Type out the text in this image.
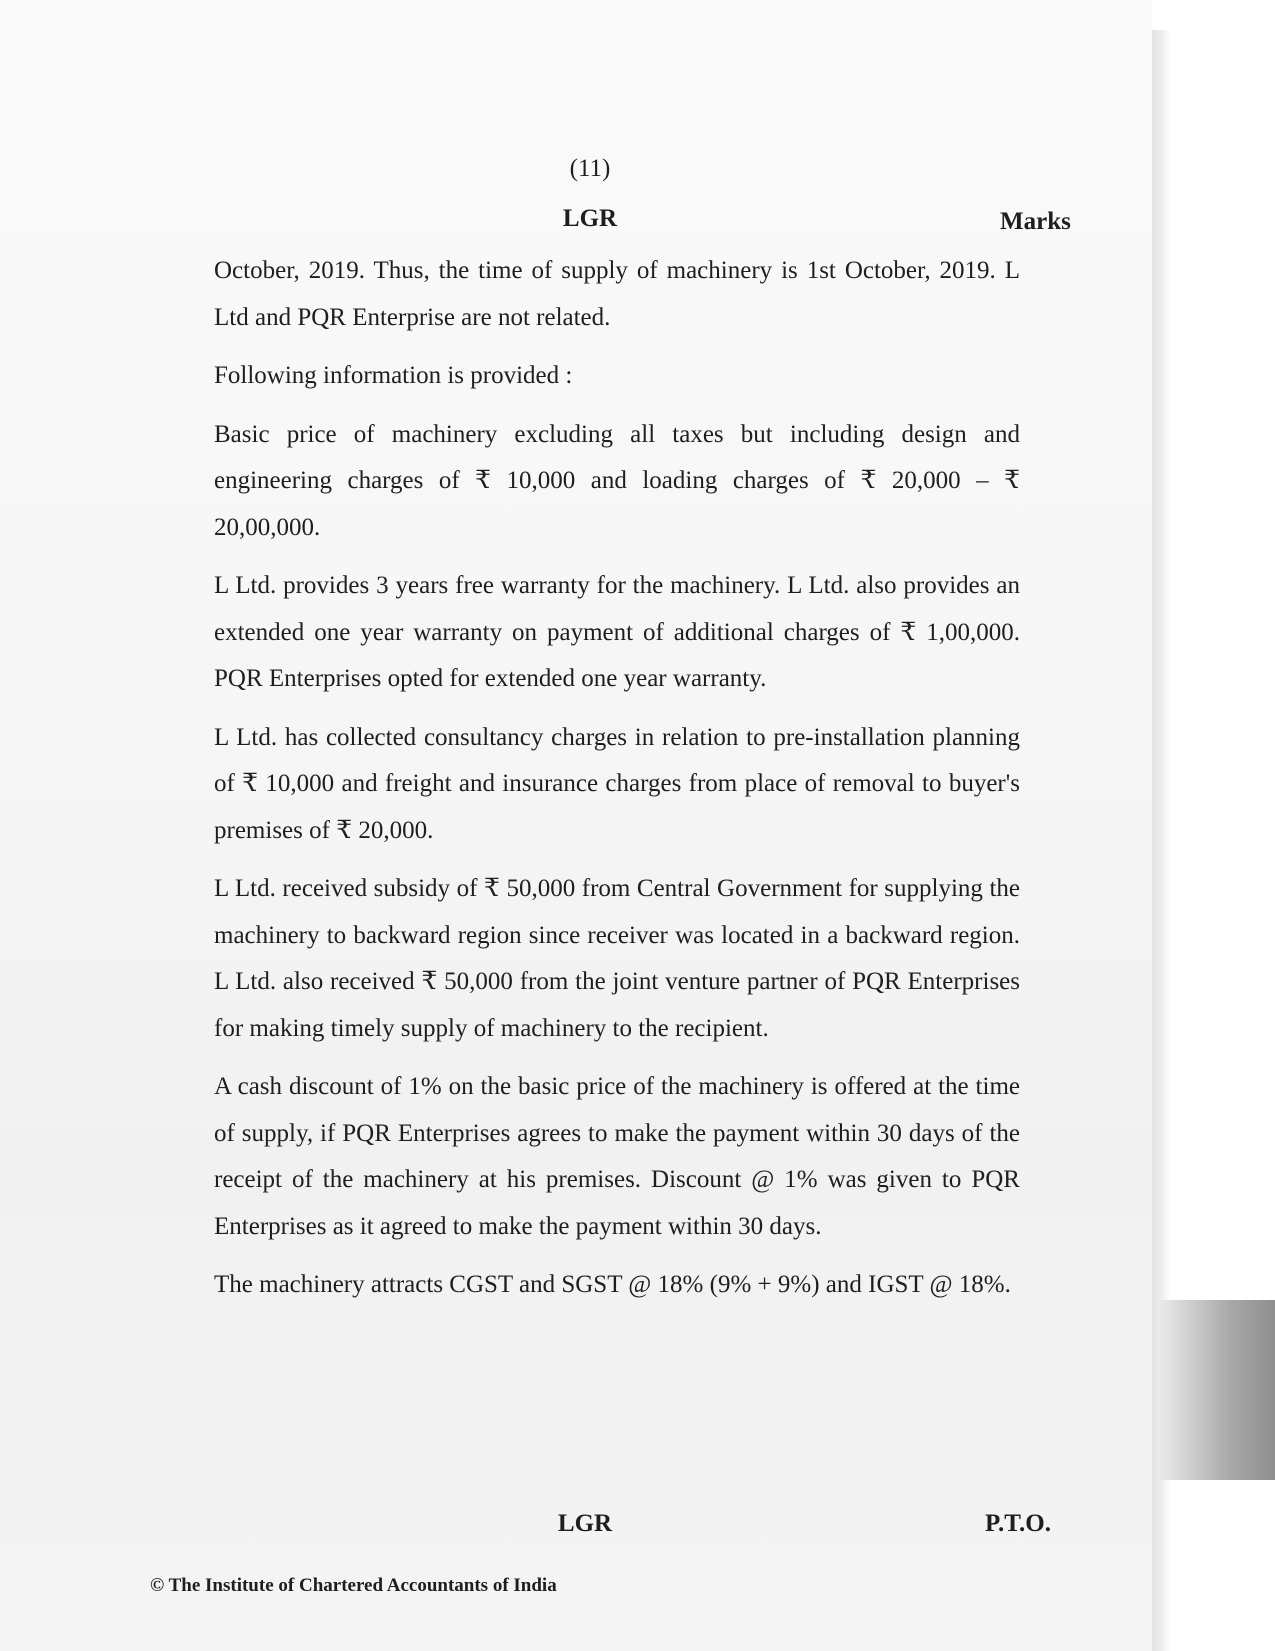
(11)
LGR	Marks

October, 2019. Thus, the time of supply of machinery is 1st October, 2019. L Ltd and PQR Enterprise are not related.

Following information is provided :

Basic price of machinery excluding all taxes but including design and engineering charges of ₹ 10,000 and loading charges of ₹ 20,000 – ₹ 20,00,000.

L Ltd. provides 3 years free warranty for the machinery. L Ltd. also provides an extended one year warranty on payment of additional charges of ₹ 1,00,000. PQR Enterprises opted for extended one year warranty.

L Ltd. has collected consultancy charges in relation to pre-installation planning of ₹ 10,000 and freight and insurance charges from place of removal to buyer's premises of ₹ 20,000.

L Ltd. received subsidy of ₹ 50,000 from Central Government for supplying the machinery to backward region since receiver was located in a backward region. L Ltd. also received ₹ 50,000 from the joint venture partner of PQR Enterprises for making timely supply of machinery to the recipient.

A cash discount of 1% on the basic price of the machinery is offered at the time of supply, if PQR Enterprises agrees to make the payment within 30 days of the receipt of the machinery at his premises. Discount @ 1% was given to PQR Enterprises as it agreed to make the payment within 30 days.

The machinery attracts CGST and SGST @ 18% (9% + 9%) and IGST @ 18%.

LGR	P.T.O.
© The Institute of Chartered Accountants of India
